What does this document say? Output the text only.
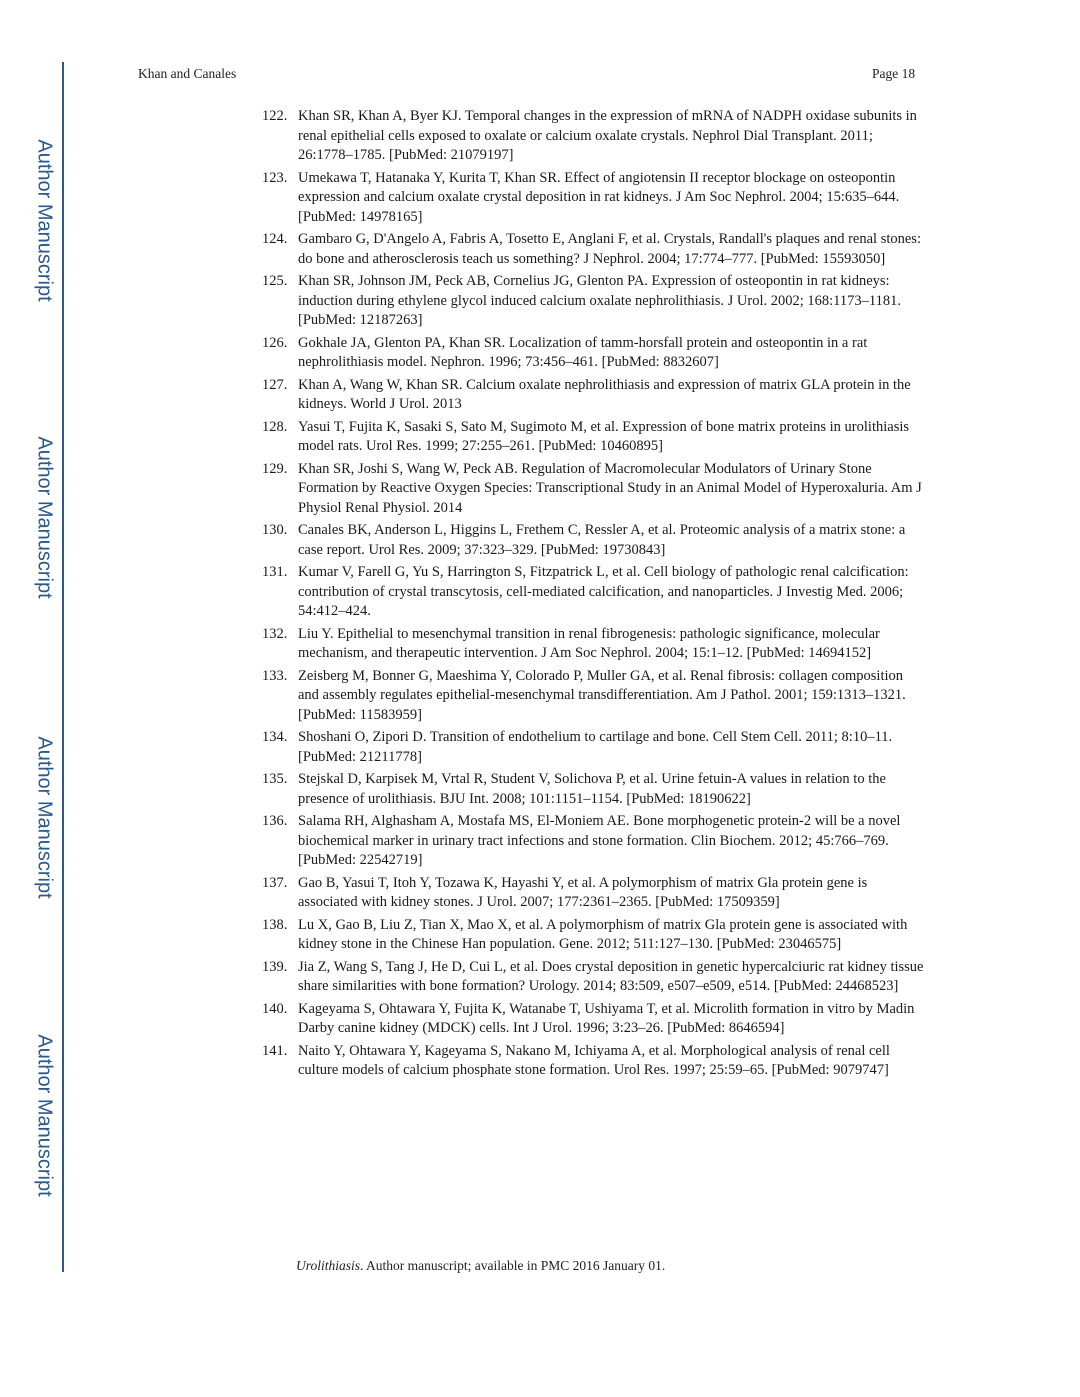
Author Manuscript
Author Manuscript
Author Manuscript
Author Manuscript
Khan and Canales	Page 18
122. Khan SR, Khan A, Byer KJ. Temporal changes in the expression of mRNA of NADPH oxidase subunits in renal epithelial cells exposed to oxalate or calcium oxalate crystals. Nephrol Dial Transplant. 2011; 26:1778–1785. [PubMed: 21079197]
123. Umekawa T, Hatanaka Y, Kurita T, Khan SR. Effect of angiotensin II receptor blockage on osteopontin expression and calcium oxalate crystal deposition in rat kidneys. J Am Soc Nephrol. 2004; 15:635–644. [PubMed: 14978165]
124. Gambaro G, D'Angelo A, Fabris A, Tosetto E, Anglani F, et al. Crystals, Randall's plaques and renal stones: do bone and atherosclerosis teach us something? J Nephrol. 2004; 17:774–777. [PubMed: 15593050]
125. Khan SR, Johnson JM, Peck AB, Cornelius JG, Glenton PA. Expression of osteopontin in rat kidneys: induction during ethylene glycol induced calcium oxalate nephrolithiasis. J Urol. 2002; 168:1173–1181. [PubMed: 12187263]
126. Gokhale JA, Glenton PA, Khan SR. Localization of tamm-horsfall protein and osteopontin in a rat nephrolithiasis model. Nephron. 1996; 73:456–461. [PubMed: 8832607]
127. Khan A, Wang W, Khan SR. Calcium oxalate nephrolithiasis and expression of matrix GLA protein in the kidneys. World J Urol. 2013
128. Yasui T, Fujita K, Sasaki S, Sato M, Sugimoto M, et al. Expression of bone matrix proteins in urolithiasis model rats. Urol Res. 1999; 27:255–261. [PubMed: 10460895]
129. Khan SR, Joshi S, Wang W, Peck AB. Regulation of Macromolecular Modulators of Urinary Stone Formation by Reactive Oxygen Species: Transcriptional Study in an Animal Model of Hyperoxaluria. Am J Physiol Renal Physiol. 2014
130. Canales BK, Anderson L, Higgins L, Frethem C, Ressler A, et al. Proteomic analysis of a matrix stone: a case report. Urol Res. 2009; 37:323–329. [PubMed: 19730843]
131. Kumar V, Farell G, Yu S, Harrington S, Fitzpatrick L, et al. Cell biology of pathologic renal calcification: contribution of crystal transcytosis, cell-mediated calcification, and nanoparticles. J Investig Med. 2006; 54:412–424.
132. Liu Y. Epithelial to mesenchymal transition in renal fibrogenesis: pathologic significance, molecular mechanism, and therapeutic intervention. J Am Soc Nephrol. 2004; 15:1–12. [PubMed: 14694152]
133. Zeisberg M, Bonner G, Maeshima Y, Colorado P, Muller GA, et al. Renal fibrosis: collagen composition and assembly regulates epithelial-mesenchymal transdifferentiation. Am J Pathol. 2001; 159:1313–1321. [PubMed: 11583959]
134. Shoshani O, Zipori D. Transition of endothelium to cartilage and bone. Cell Stem Cell. 2011; 8:10–11. [PubMed: 21211778]
135. Stejskal D, Karpisek M, Vrtal R, Student V, Solichova P, et al. Urine fetuin-A values in relation to the presence of urolithiasis. BJU Int. 2008; 101:1151–1154. [PubMed: 18190622]
136. Salama RH, Alghasham A, Mostafa MS, El-Moniem AE. Bone morphogenetic protein-2 will be a novel biochemical marker in urinary tract infections and stone formation. Clin Biochem. 2012; 45:766–769. [PubMed: 22542719]
137. Gao B, Yasui T, Itoh Y, Tozawa K, Hayashi Y, et al. A polymorphism of matrix Gla protein gene is associated with kidney stones. J Urol. 2007; 177:2361–2365. [PubMed: 17509359]
138. Lu X, Gao B, Liu Z, Tian X, Mao X, et al. A polymorphism of matrix Gla protein gene is associated with kidney stone in the Chinese Han population. Gene. 2012; 511:127–130. [PubMed: 23046575]
139. Jia Z, Wang S, Tang J, He D, Cui L, et al. Does crystal deposition in genetic hypercalciuric rat kidney tissue share similarities with bone formation? Urology. 2014; 83:509, e507–e509, e514. [PubMed: 24468523]
140. Kageyama S, Ohtawara Y, Fujita K, Watanabe T, Ushiyama T, et al. Microlith formation in vitro by Madin Darby canine kidney (MDCK) cells. Int J Urol. 1996; 3:23–26. [PubMed: 8646594]
141. Naito Y, Ohtawara Y, Kageyama S, Nakano M, Ichiyama A, et al. Morphological analysis of renal cell culture models of calcium phosphate stone formation. Urol Res. 1997; 25:59–65. [PubMed: 9079747]
Urolithiasis. Author manuscript; available in PMC 2016 January 01.
